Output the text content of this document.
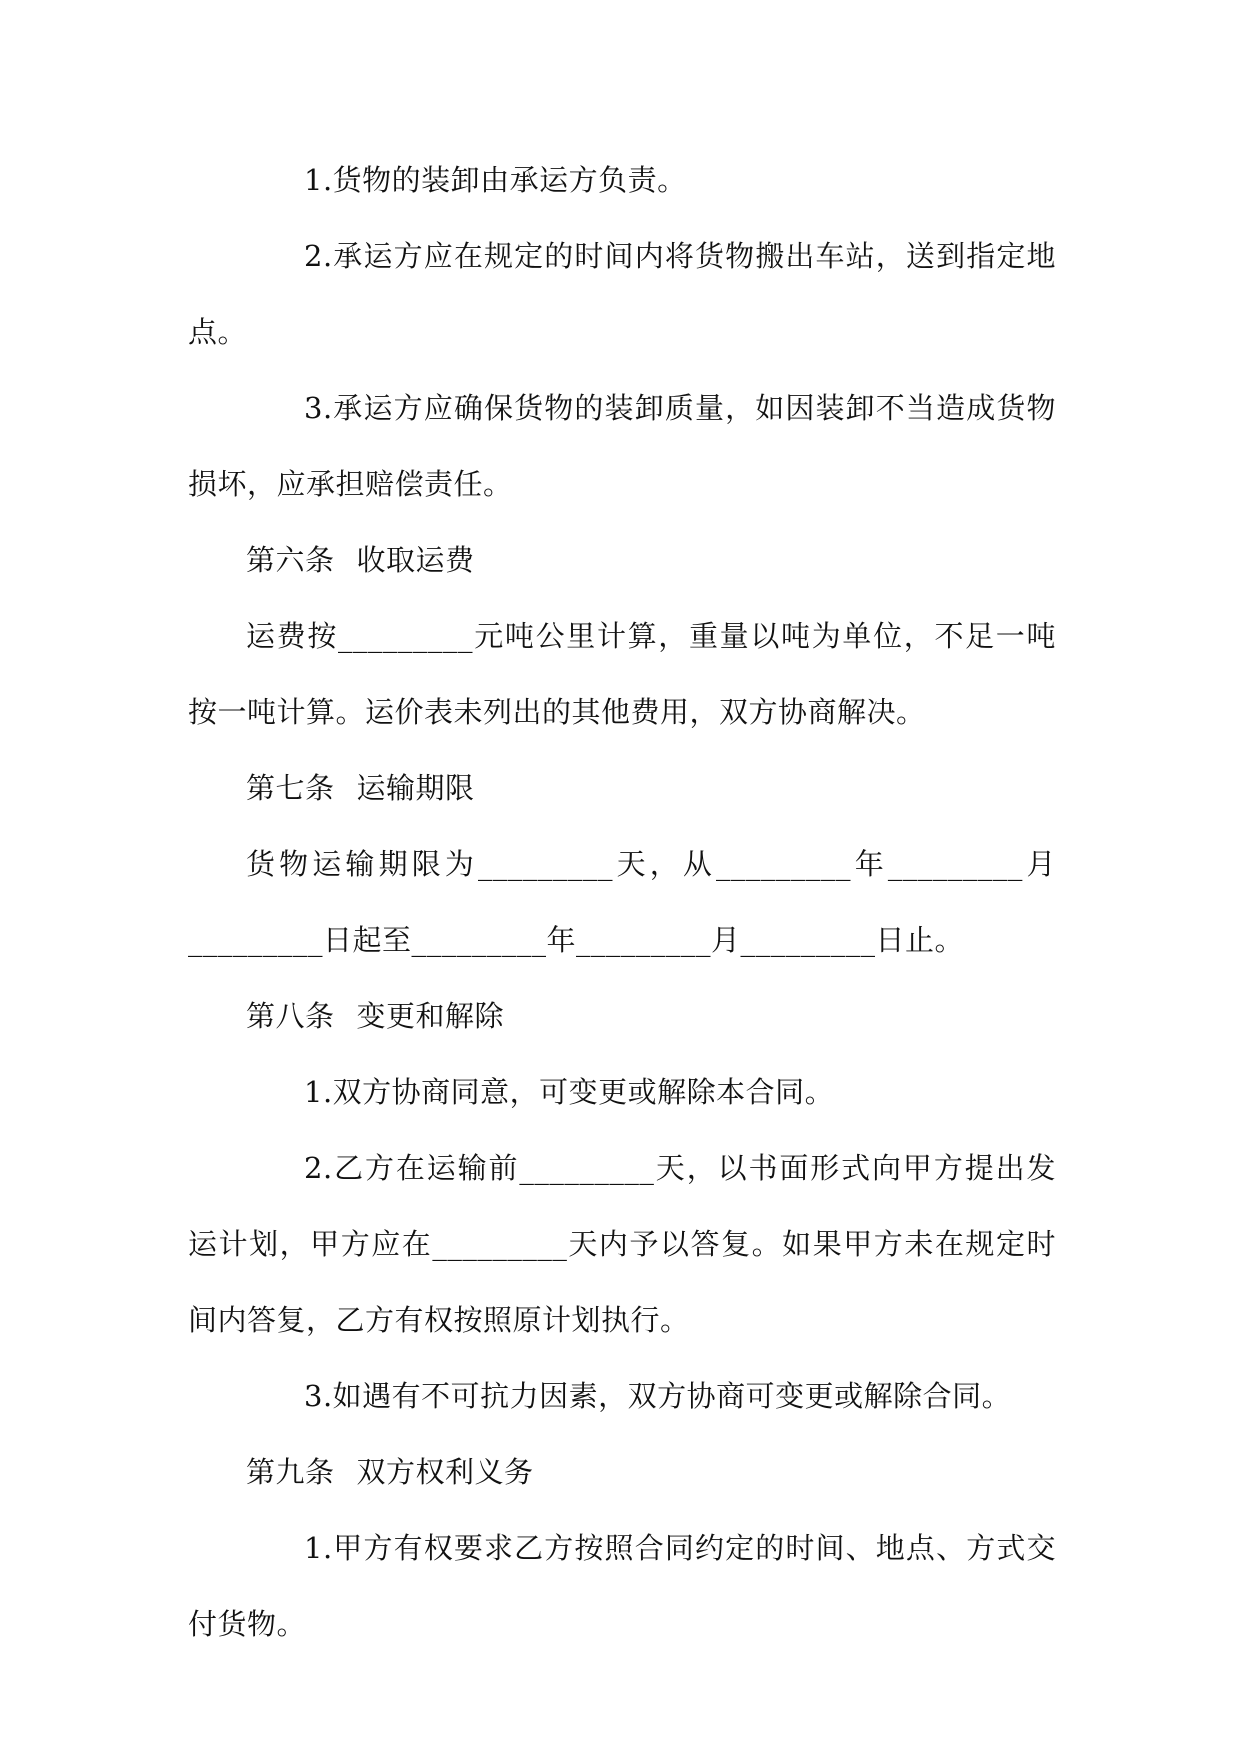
1.货物的装卸由承运方负责。

2.承运方应在规定的时间内将货物搬出车站，送到指定地点。

3.承运方应确保货物的装卸质量，如因装卸不当造成货物损坏，应承担赔偿责任。

第六条 收取运费

运费按_________元吨公里计算，重量以吨为单位，不足一吨按一吨计算。运价表未列出的其他费用，双方协商解决。

第七条 运输期限

货物运输期限为_________天，从_________年_________月_________日起至_________年_________月_________日止。

第八条 变更和解除

1.双方协商同意，可变更或解除本合同。

2.乙方在运输前_________天，以书面形式向甲方提出发运计划，甲方应在_________天内予以答复。如果甲方未在规定时间内答复，乙方有权按照原计划执行。

3.如遇有不可抗力因素，双方协商可变更或解除合同。

第九条 双方权利义务

1.甲方有权要求乙方按照合同约定的时间、地点、方式交付货物。
